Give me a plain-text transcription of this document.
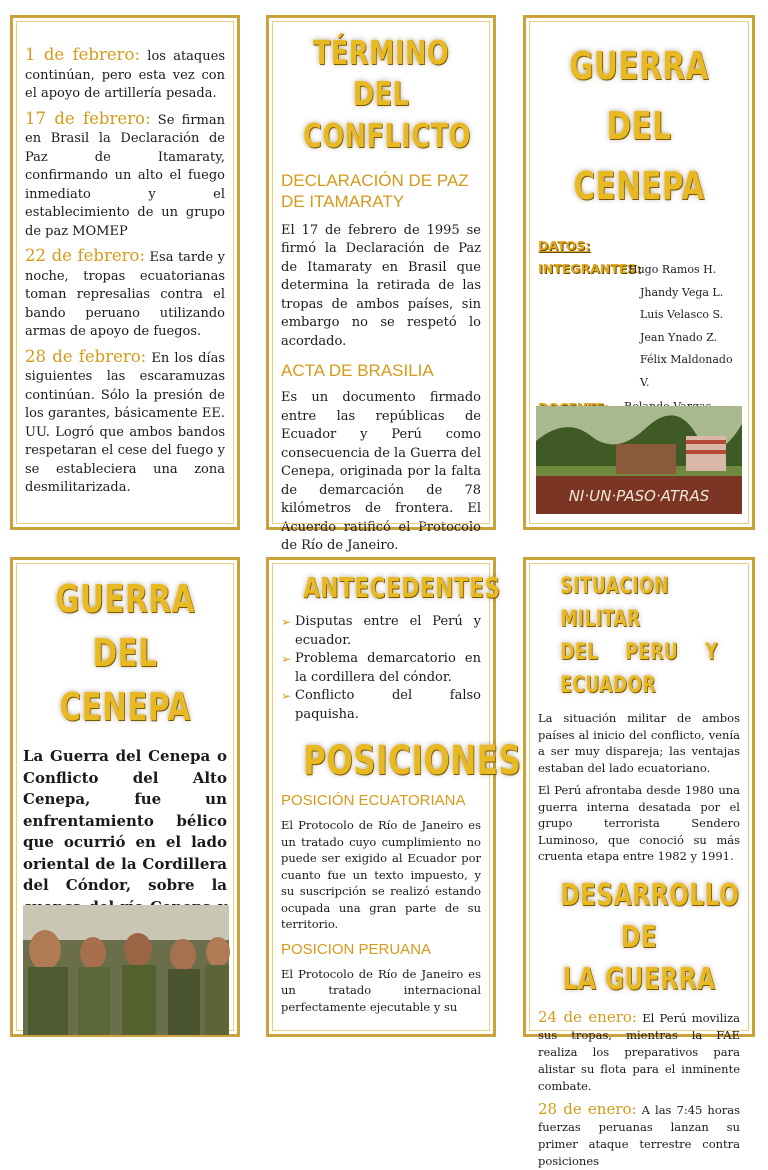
1 de febrero: los ataques continúan, pero esta vez con el apoyo de artillería pesada.
17 de febrero: Se firman en Brasil la Declaración de Paz de Itamaraty, confirmando un alto el fuego inmediato y el establecimiento de un grupo de paz MOMEP
22 de febrero: Esa tarde y noche, tropas ecuatorianas toman represalias contra el bando peruano utilizando armas de apoyo de fuegos.
28 de febrero: En los días siguientes las escaramuzas continúan. Sólo la presión de los garantes, básicamente EE. UU. Logró que ambos bandos respetaran el cese del fuego y se estableciera una zona desmilitarizada.
TÉRMINO DEL
CONFLICTO
DECLARACIÓN DE PAZ DE ITAMARATY
El 17 de febrero de 1995 se firmó la Declaración de Paz de Itamaraty en Brasil que determina la retirada de las tropas de ambos países, sin embargo no se respetó lo acordado.
ACTA DE BRASILIA
Es un documento firmado entre las repúblicas de Ecuador y Perú como consecuencia de la Guerra del Cenepa, originada por la falta de demarcación de 78 kilómetros de frontera. El Acuerdo ratificó el Protocolo de Río de Janeiro.
GUERRA DEL
CENEPA
DATOS:
INTEGRANTES:
Hugo Ramos H.
Jhandy Vega L.
Luis Velasco S.
Jean Ynado Z.
Félix Maldonado V.
NI·UN·PASO·ATRAS
GUERRA DEL
CENEPA
La Guerra del Cenepa o Conflicto del Alto Cenepa, fue un enfrentamiento bélico que ocurrió en el lado oriental de la Cordillera del Cóndor, sobre la
ANTECEDENTES
➢ Disputas entre el Perú y ecuador.
➢ Problema demarcatorio en la cordillera del cóndor.
➢ Conflicto del falso paquisha.
POSICIONES
POSICIÓN ECUATORIANA
El Protocolo de Río de Janeiro es un tratado cuyo cumplimiento no puede ser exigido al Ecuador por cuanto fue un texto impuesto, y su suscripción se realizó estando ocupada una gran parte de su territorio.
POSICION PERUANA
El Protocolo de Río de Janeiro es un tratado internacional perfectamente ejecutable y su
SITUACION MILITAR
DEL PERU Y ECUADOR
La situación militar de ambos países al inicio del conflicto, venía a ser muy dispareja; las ventajas estaban del lado ecuatoriano.
El Perú afrontaba desde 1980 una guerra interna desatada por el grupo terrorista Sendero Luminoso, que conoció su más cruenta etapa entre 1982 y 1991.
DESARROLLO DE
LA GUERRA
24 de enero: El Perú moviliza sus tropas, mientras la FAE realiza los preparativos para alistar su flota para el inminente combate.
28 de enero: A las 7:45 horas fuerzas peruanas lanzan su primer ataque terrestre contra posiciones
